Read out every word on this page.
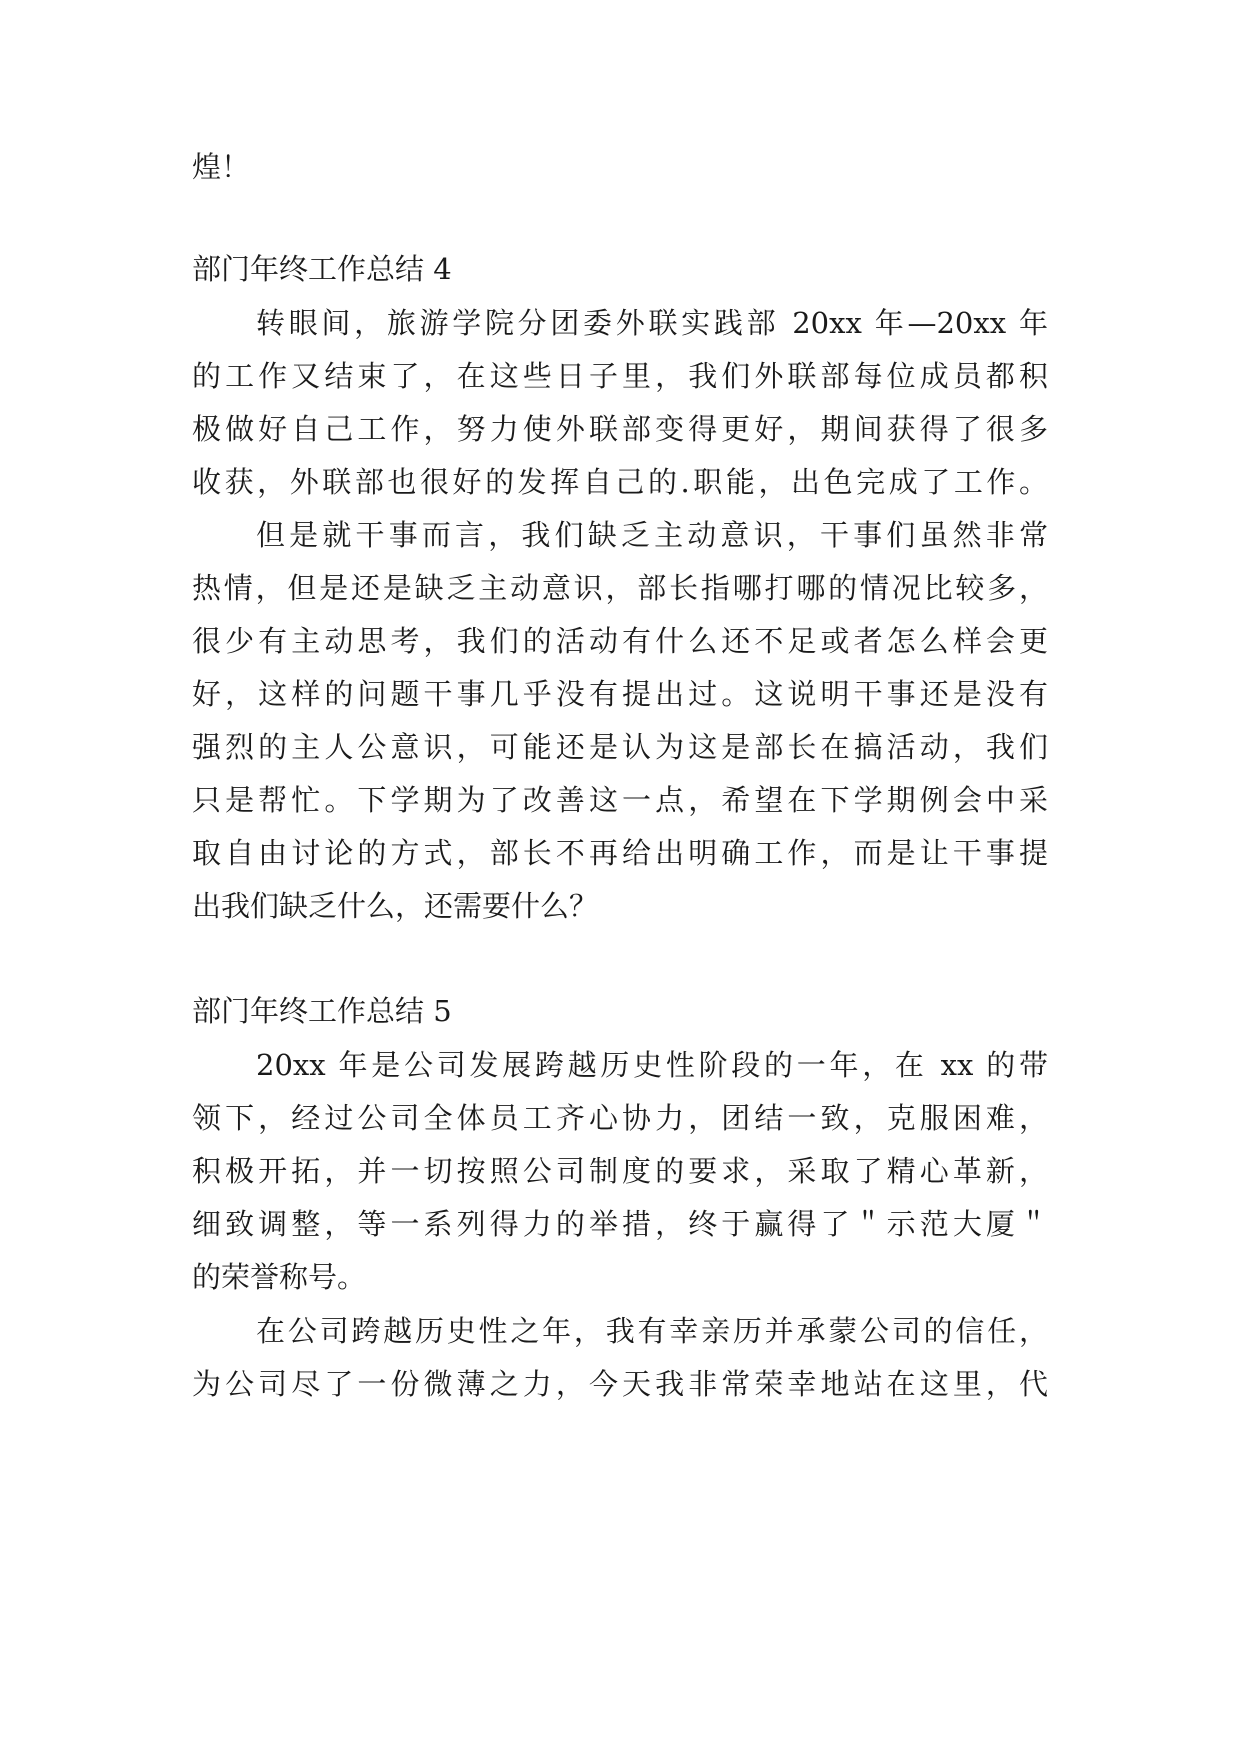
煌！
部门年终工作总结 4
转眼间，旅游学院分团委外联实践部 20xx 年—20xx 年
的工作又结束了，在这些日子里，我们外联部每位成员都积
极做好自己工作，努力使外联部变得更好，期间获得了很多
收获，外联部也很好的发挥自己的.职能，出色完成了工作。
但是就干事而言，我们缺乏主动意识，干事们虽然非常
热情，但是还是缺乏主动意识，部长指哪打哪的情况比较多，
很少有主动思考，我们的活动有什么还不足或者怎么样会更
好，这样的问题干事几乎没有提出过。这说明干事还是没有
强烈的主人公意识，可能还是认为这是部长在搞活动，我们
只是帮忙。下学期为了改善这一点，希望在下学期例会中采
取自由讨论的方式，部长不再给出明确工作，而是让干事提
出我们缺乏什么，还需要什么？
部门年终工作总结 5
20xx 年是公司发展跨越历史性阶段的一年，在 xx 的带
领下，经过公司全体员工齐心协力，团结一致，克服困难，
积极开拓，并一切按照公司制度的要求，采取了精心革新，
细致调整，等一系列得力的举措，终于赢得了＂示范大厦＂
的荣誉称号。
在公司跨越历史性之年，我有幸亲历并承蒙公司的信任，
为公司尽了一份微薄之力，今天我非常荣幸地站在这里，代
